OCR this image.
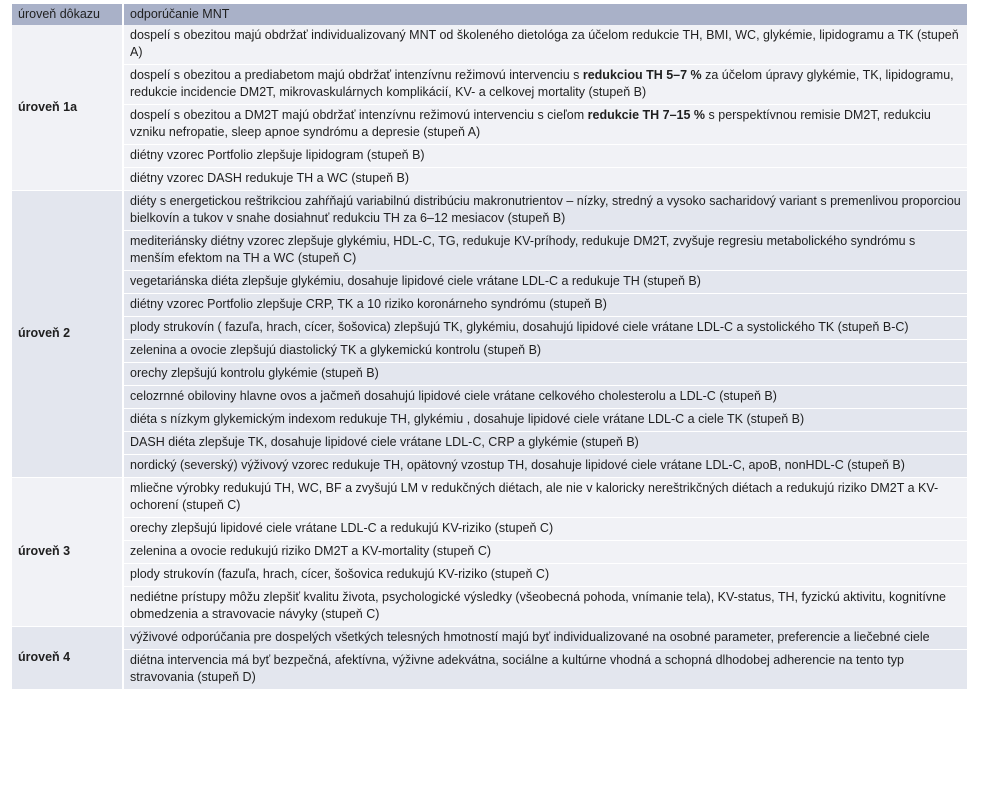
úroveň dôkazu	odporúčanie MNT
úroveň 1a	dospelí s obezitou majú obdržať individualizovaný MNT od školeného dietológa za účelom redukcie TH, BMI, WC, glykémie, lipidogramu a TK (stupeň A)
	dospelí s obezitou a prediabetom majú obdržať intenzívnu režimovú intervenciu s redukciou TH 5–7 % za účelom úpravy glykémie, TK, lipidogramu, redukcie incidencie DM2T, mikrovaskulárnych komplikácií, KV- a celkovej mortality (stupeň B)
	dospelí s obezitou a DM2T majú obdržať intenzívnu režimovú intervenciu s cieľom redukcie TH 7–15 % s perspektívnou remisie DM2T, redukciu vzniku nefropatie, sleep apnoe syndrómu a depresie (stupeň A)
	diétny vzorec Portfolio zlepšuje lipidogram (stupeň B)
	diétny vzorec DASH redukuje TH a WC (stupeň B)
úroveň 2	diéty s energetickou reštrikciou zahŕňajú variabilnú distribúciu makronutrientov – nízky, stredný a vysoko sacharidový variant s premenlivou proporciou bielkovín a tukov v snahe dosiahnuť redukciu TH za 6–12 mesiacov (stupeň B)
	mediteriánsky diétny vzorec zlepšuje glykémiu, HDL-C, TG, redukuje KV-príhody, redukuje DM2T, zvyšuje regresiu metabolického syndrómu s menším efektom na TH a WC (stupeň C)
	vegetariánska diéta zlepšuje glykémiu, dosahuje lipidové ciele vrátane LDL-C a redukuje TH (stupeň B)
	diétny vzorec Portfolio zlepšuje CRP, TK a 10 riziko koronárneho syndrómu (stupeň B)
	plody strukovín ( fazuľa, hrach, cícer, šošovica) zlepšujú TK, glykémiu, dosahujú lipidové ciele vrátane LDL-C a systolického TK (stupeň B-C)
	zelenina a ovocie zlepšujú diastolický TK a glykemickú kontrolu (stupeň B)
	orechy zlepšujú kontrolu glykémie (stupeň B)
	celozrnné obiloviny hlavne ovos a jačmeň dosahujú lipidové ciele vrátane celkového cholesterolu a LDL-C (stupeň B)
	diéta s nízkym glykemickým indexom redukuje TH, glykémiu , dosahuje lipidové ciele vrátane LDL-C a ciele TK (stupeň B)
	DASH diéta zlepšuje TK, dosahuje lipidové ciele vrátane LDL-C, CRP a glykémie (stupeň B)
	nordický (severský) výživový vzorec redukuje TH, opätovný vzostup TH, dosahuje lipidové ciele vrátane LDL-C, apoB, nonHDL-C (stupeň B)
úroveň 3	mliečne výrobky redukujú TH, WC, BF a zvyšujú LM v redukčných diétach, ale nie v kaloricky nereštrikčných diétach a redukujú riziko DM2T a KV-ochorení (stupeň C)
	orechy zlepšujú lipidové ciele vrátane LDL-C a redukujú KV-riziko (stupeň C)
	zelenina a ovocie redukujú riziko DM2T a KV-mortality (stupeň C)
	plody strukovín (fazuľa, hrach, cícer, šošovica redukujú KV-riziko (stupeň C)
	nediétne prístupy môžu zlepšiť kvalitu života, psychologické výsledky (všeobecná pohoda, vnímanie tela), KV-status, TH, fyzickú aktivitu, kognitívne obmedzenia a stravovacie návyky (stupeň C)
úroveň 4	výživové odporúčania pre dospelých všetkých telesných hmotností majú byť individualizované na osobné parameter, preferencie a liečebné ciele
	diétna intervencia má byť bezpečná, afektívna, výživne adekvátna, sociálne a kultúrne vhodná a schopná dlhodobej adherencie na tento typ stravovania (stupeň D)
